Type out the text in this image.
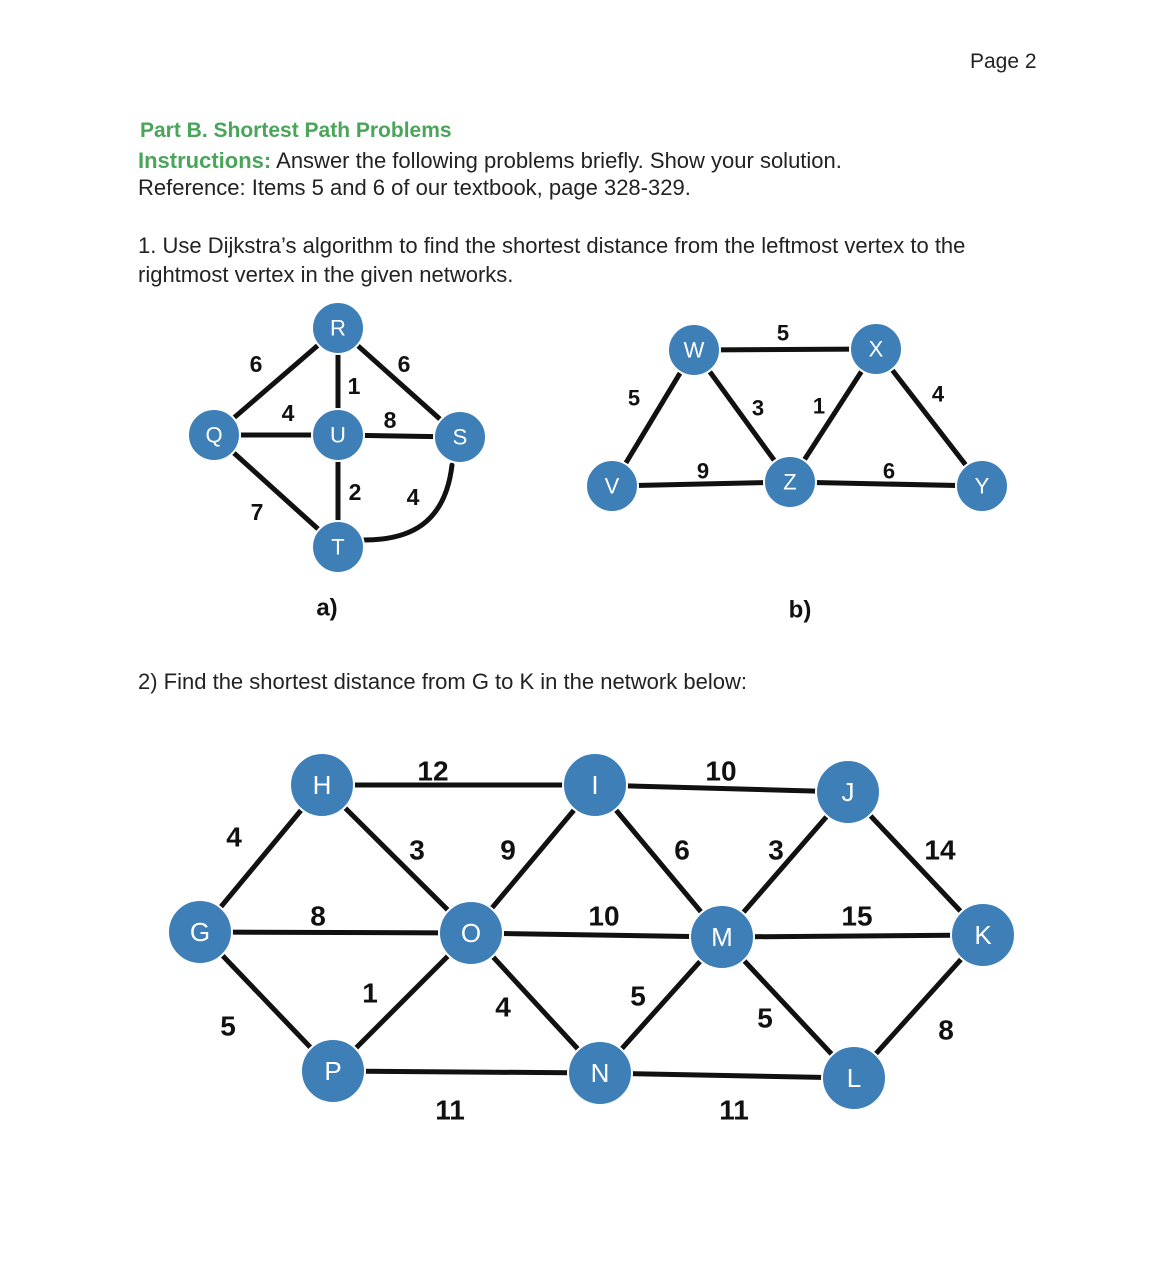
Page 2
Part B. Shortest Path Problems
Instructions: Answer the following problems briefly. Show your solution.
Reference: Items 5 and 6 of our textbook, page 328-329.
1. Use Dijkstra’s algorithm to find the shortest distance from the leftmost vertex to the rightmost vertex in the given networks.
2) Find the shortest distance from G to K in the network below:
6	6
1
4	8
2 4
7
5
5	3 1	4
9	6
12	10
4	3	9	6	3	14
8	10	15
5
1	4	5
5	8
11	11
R
Q	U	S
T
W	X
V	Z	Y
H	I	J
G	O	M	K
P	N	L
a)	b)
